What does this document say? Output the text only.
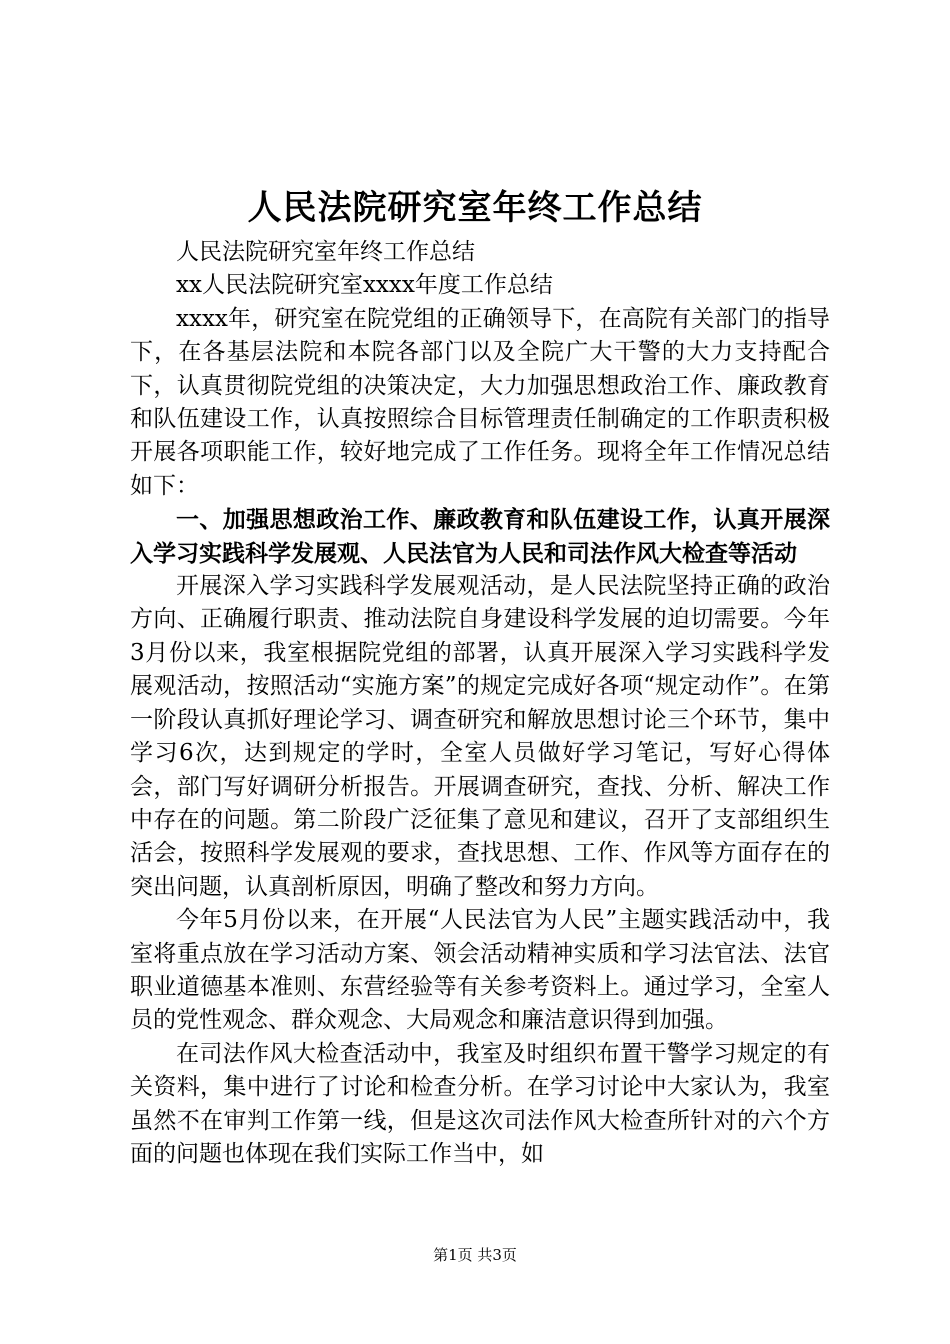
人民法院研究室年终工作总结

人民法院研究室年终工作总结

xx人民法院研究室xxxx年度工作总结

xxxx年，研究室在院党组的正确领导下，在高院有关部门的指导下，在各基层法院和本院各部门以及全院广大干警的大力支持配合下，认真贯彻院党组的决策决定，大力加强思想政治工作、廉政教育和队伍建设工作，认真按照综合目标管理责任制确定的工作职责积极开展各项职能工作，较好地完成了工作任务。现将全年工作情况总结如下：

一、加强思想政治工作、廉政教育和队伍建设工作，认真开展深入学习实践科学发展观、人民法官为人民和司法作风大检查等活动

开展深入学习实践科学发展观活动，是人民法院坚持正确的政治方向、正确履行职责、推动法院自身建设科学发展的迫切需要。今年3月份以来，我室根据院党组的部署，认真开展深入学习实践科学发展观活动，按照活动“实施方案”的规定完成好各项“规定动作”。在第一阶段认真抓好理论学习、调查研究和解放思想讨论三个环节，集中学习6次，达到规定的学时，全室人员做好学习笔记，写好心得体会，部门写好调研分析报告。开展调查研究，查找、分析、解决工作中存在的问题。第二阶段广泛征集了意见和建议，召开了支部组织生活会，按照科学发展观的要求，查找思想、工作、作风等方面存在的突出问题，认真剖析原因，明确了整改和努力方向。

今年5月份以来，在开展“人民法官为人民”主题实践活动中，我室将重点放在学习活动方案、领会活动精神实质和学习法官法、法官职业道德基本准则、东营经验等有关参考资料上。通过学习，全室人员的党性观念、群众观念、大局观念和廉洁意识得到加强。

在司法作风大检查活动中，我室及时组织布置干警学习规定的有关资料，集中进行了讨论和检查分析。在学习讨论中大家认为，我室虽然不在审判工作第一线，但是这次司法作风大检查所针对的六个方面的问题也体现在我们实际工作当中，如

第1页 共3页
